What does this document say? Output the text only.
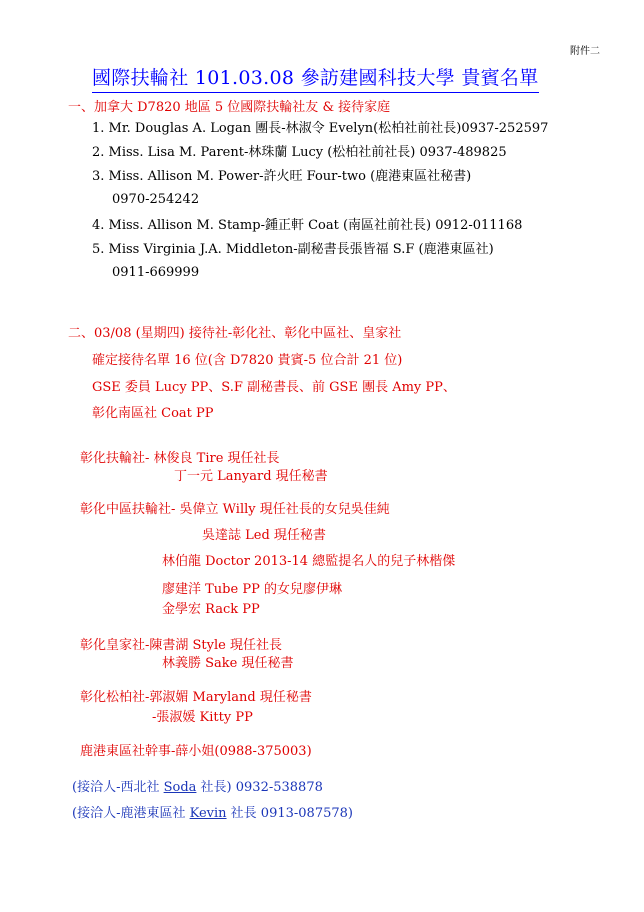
附件二
國際扶輪社 101.03.08 參訪建國科技大學 貴賓名單
一、加拿大 D7820 地區 5 位國際扶輪社友 & 接待家庭
1. Mr. Douglas A. Logan 團長-林淑令 Evelyn(松柏社前社長)0937-252597
2. Miss. Lisa M. Parent-林珠蘭 Lucy (松柏社前社長) 0937-489825
3. Miss. Allison M. Power-許火旺 Four-two (鹿港東區社秘書)
0970-254242
4. Miss. Allison M. Stamp-鍾正軒 Coat (南區社前社長) 0912-011168
5. Miss Virginia J.A. Middleton-副秘書長張皆福 S.F (鹿港東區社)
0911-669999
二、03/08 (星期四) 接待社-彰化社、彰化中區社、皇家社
確定接待名單 16 位(含 D7820 貴賓-5 位合計 21 位)
GSE 委員 Lucy PP、S.F 副秘書長、前 GSE 團長 Amy PP、
彰化南區社 Coat PP
彰化扶輪社- 林俊良 Tire 現任社長
丁一元 Lanyard 現任秘書
彰化中區扶輪社- 吳偉立 Willy 現任社長的女兒吳佳純
吳達誌 Led 現任秘書
林伯龍 Doctor 2013-14 總監提名人的兒子林楷傑
廖建洋 Tube PP 的女兒廖伊琳
金學宏 Rack PP
彰化皇家社-陳書湖 Style 現任社長
林義勝 Sake 現任秘書
彰化松柏社-郭淑媚 Maryland 現任秘書
-張淑媛 Kitty PP
鹿港東區社幹事-薛小姐(0988-375003)
(接洽人-西北社 Soda 社長) 0932-538878
(接洽人-鹿港東區社 Kevin 社長 0913-087578)
